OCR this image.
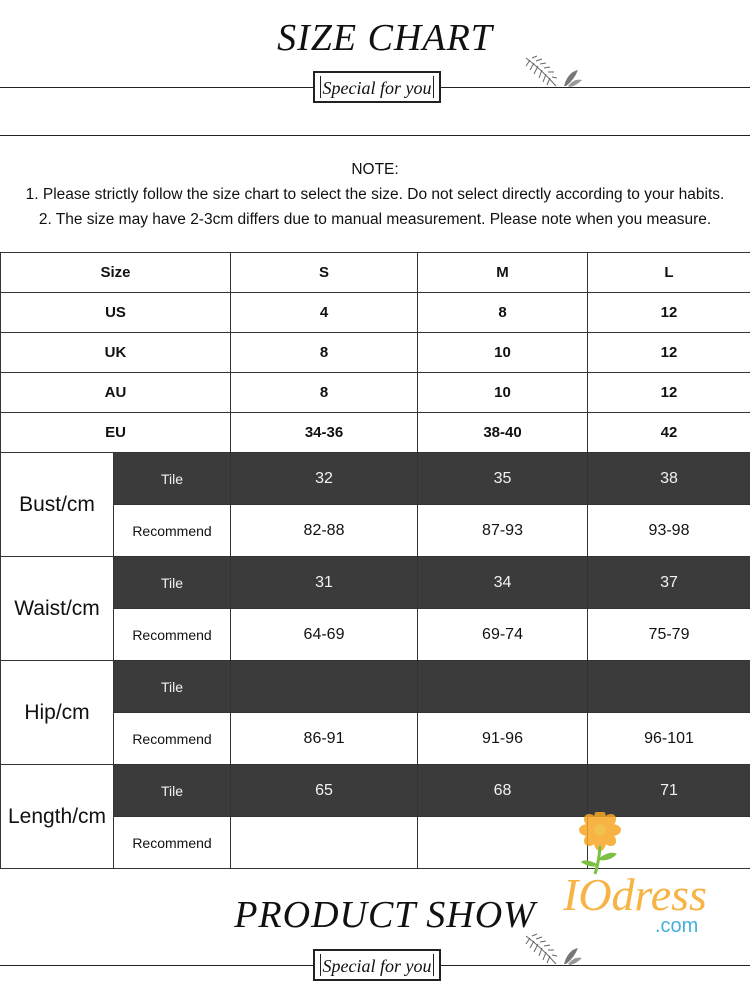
SIZE CHART
Special for you
NOTE:
1. Please strictly follow the size chart to select the size. Do not select directly according to your habits.
2. The size may have 2-3cm differs due to manual measurement. Please note when you measure.
Size		S	M	L
US		4	8	12
UK		8	10	12
AU		8	10	12
EU		34-36	38-40	42
Bust/cm	Tile	32	35	38
	Recommend	82-88	87-93	93-98
Waist/cm	Tile	31	34	37
	Recommend	64-69	69-74	75-79
Hip/cm	Tile			
	Recommend	86-91	91-96	96-101
Length/cm	Tile	65	68	71
	Recommend			
IOdress
.com
PRODUCT SHOW
Special for you
